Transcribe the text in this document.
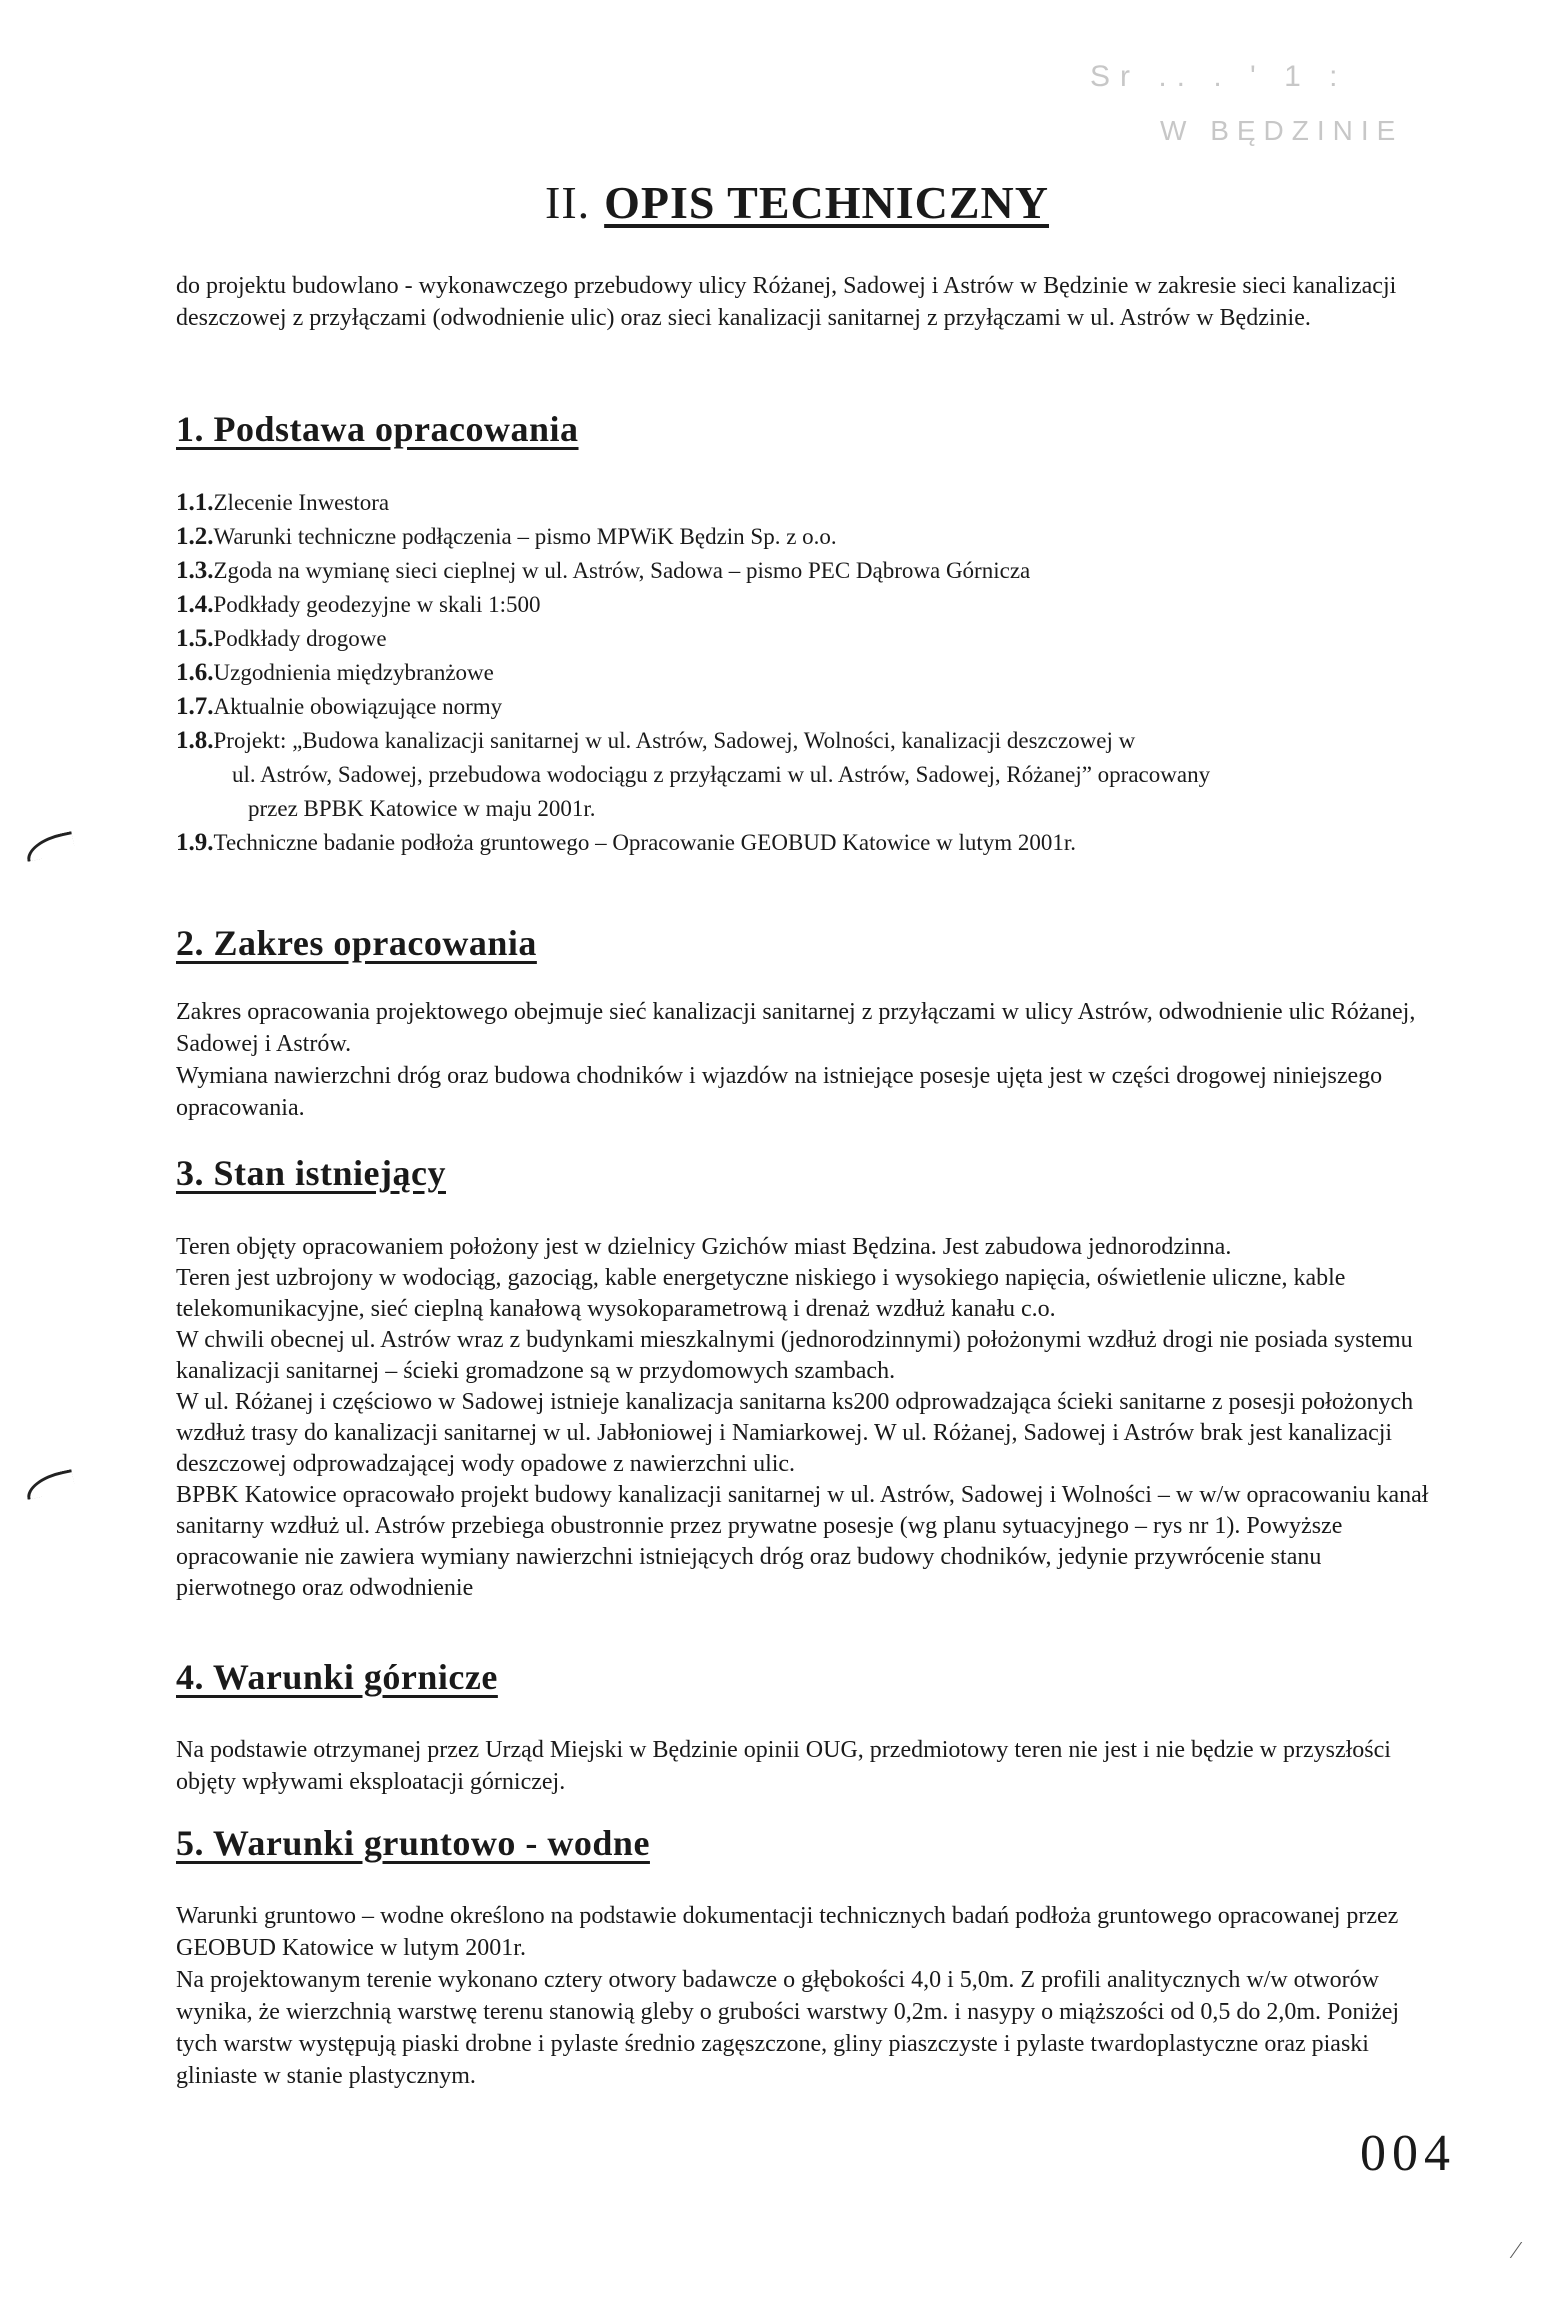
Sr .. . ' 1 :
W BĘDZINIE
II. OPIS TECHNICZNY
do projektu budowlano - wykonawczego przebudowy ulicy Różanej, Sadowej i Astrów w Będzinie w zakresie sieci kanalizacji deszczowej z przyłączami (odwodnienie ulic) oraz sieci kanalizacji sanitarnej z przyłączami w ul. Astrów w Będzinie.
1. Podstawa opracowania
1.1. Zlecenie Inwestora
1.2. Warunki techniczne podłączenia – pismo MPWiK Będzin Sp. z o.o.
1.3. Zgoda na wymianę sieci cieplnej w ul. Astrów, Sadowa – pismo PEC Dąbrowa Górnicza
1.4. Podkłady geodezyjne w skali 1:500
1.5. Podkłady drogowe
1.6. Uzgodnienia międzybranżowe
1.7. Aktualnie obowiązujące normy
1.8. Projekt: „Budowa kanalizacji sanitarnej w ul. Astrów, Sadowej, Wolności, kanalizacji deszczowej w
ul. Astrów, Sadowej, przebudowa wodociągu z przyłączami w ul. Astrów, Sadowej, Różanej” opracowany
przez BPBK Katowice w maju 2001r.
1.9. Techniczne badanie podłoża gruntowego – Opracowanie GEOBUD Katowice w lutym 2001r.
2. Zakres opracowania

Zakres opracowania projektowego obejmuje sieć kanalizacji sanitarnej z przyłączami w ulicy Astrów, odwodnienie ulic Różanej, Sadowej i Astrów.

Wymiana nawierzchni dróg oraz budowa chodników i wjazdów na istniejące posesje ujęta jest w części drogowej niniejszego opracowania.

3. Stan istniejący

Teren objęty opracowaniem położony jest w dzielnicy Gzichów miast Będzina. Jest zabudowa jednorodzinna.

Teren jest uzbrojony w wodociąg, gazociąg, kable energetyczne niskiego i wysokiego napięcia, oświetlenie uliczne, kable telekomunikacyjne, sieć cieplną kanałową wysokoparametrową i drenaż wzdłuż kanału c.o.

W chwili obecnej ul. Astrów wraz z budynkami mieszkalnymi (jednorodzinnymi) położonymi wzdłuż drogi nie posiada systemu kanalizacji sanitarnej – ścieki gromadzone są w przydomowych szambach.

W ul. Różanej i częściowo w Sadowej istnieje kanalizacja sanitarna ks200 odprowadzająca ścieki sanitarne z posesji położonych wzdłuż trasy do kanalizacji sanitarnej w ul. Jabłoniowej i Namiarkowej. W ul. Różanej, Sadowej i Astrów brak jest kanalizacji deszczowej odprowadzającej wody opadowe z nawierzchni ulic.

BPBK Katowice opracowało projekt budowy kanalizacji sanitarnej w ul. Astrów, Sadowej i Wolności – w w/w opracowaniu kanał sanitarny wzdłuż ul. Astrów przebiega obustronnie przez prywatne posesje (wg planu sytuacyjnego – rys nr 1). Powyższe opracowanie nie zawiera wymiany nawierzchni istniejących dróg oraz budowy chodników, jedynie przywrócenie stanu pierwotnego oraz odwodnienie

4. Warunki górnicze

Na podstawie otrzymanej przez Urząd Miejski w Będzinie opinii OUG, przedmiotowy teren nie jest i nie będzie w przyszłości objęty wpływami eksploatacji górniczej.

5. Warunki gruntowo - wodne

Warunki gruntowo – wodne określono na podstawie dokumentacji technicznych badań podłoża gruntowego opracowanej przez GEOBUD Katowice w lutym 2001r.

Na projektowanym terenie wykonano cztery otwory badawcze o głębokości 4,0 i 5,0m. Z profili analitycznych w/w otworów wynika, że wierzchnią warstwę terenu stanowią gleby o grubości warstwy 0,2m. i nasypy o miąższości od 0,5 do 2,0m. Poniżej tych warstw występują piaski drobne i pylaste średnio zagęszczone, gliny piaszczyste i pylaste twardoplastyczne oraz piaski gliniaste w stanie plastycznym.

004
⁄
